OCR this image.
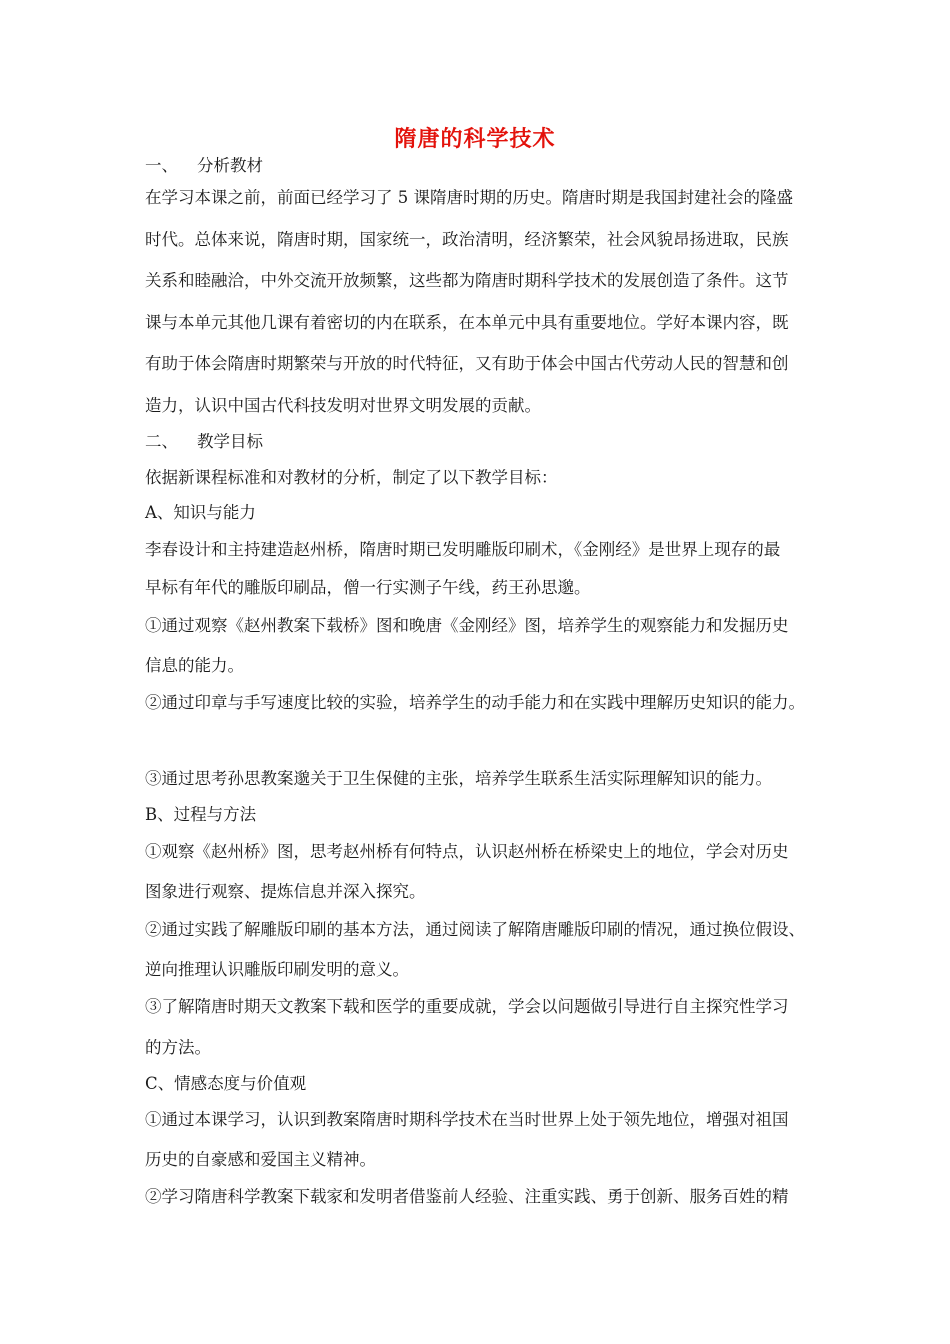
隋唐的科学技术
一、 分析教材
在学习本课之前，前面已经学习了 5 课隋唐时期的历史。隋唐时期是我国封建社会的隆盛
时代。总体来说，隋唐时期，国家统一，政治清明，经济繁荣，社会风貌昂扬进取，民族
关系和睦融洽，中外交流开放频繁，这些都为隋唐时期科学技术的发展创造了条件。这节
课与本单元其他几课有着密切的内在联系，在本单元中具有重要地位。学好本课内容，既
有助于体会隋唐时期繁荣与开放的时代特征，又有助于体会中国古代劳动人民的智慧和创
造力，认识中国古代科技发明对世界文明发展的贡献。
二、 教学目标
依据新课程标准和对教材的分析，制定了以下教学目标：
A、知识与能力
李春设计和主持建造赵州桥，隋唐时期已发明雕版印刷术，《金刚经》是世界上现存的最
早标有年代的雕版印刷品，僧一行实测子午线，药王孙思邈。
①通过观察《赵州教案下载桥》图和晚唐《金刚经》图，培养学生的观察能力和发掘历史
信息的能力。
②通过印章与手写速度比较的实验，培养学生的动手能力和在实践中理解历史知识的能力。
③通过思考孙思教案邈关于卫生保健的主张，培养学生联系生活实际理解知识的能力。
B、过程与方法
①观察《赵州桥》图，思考赵州桥有何特点，认识赵州桥在桥梁史上的地位，学会对历史
图象进行观察、提炼信息并深入探究。
②通过实践了解雕版印刷的基本方法，通过阅读了解隋唐雕版印刷的情况，通过换位假设、
逆向推理认识雕版印刷发明的意义。
③了解隋唐时期天文教案下载和医学的重要成就，学会以问题做引导进行自主探究性学习
的方法。
C、情感态度与价值观
①通过本课学习，认识到教案隋唐时期科学技术在当时世界上处于领先地位，增强对祖国
历史的自豪感和爱国主义精神。
②学习隋唐科学教案下载家和发明者借鉴前人经验、注重实践、勇于创新、服务百姓的精
